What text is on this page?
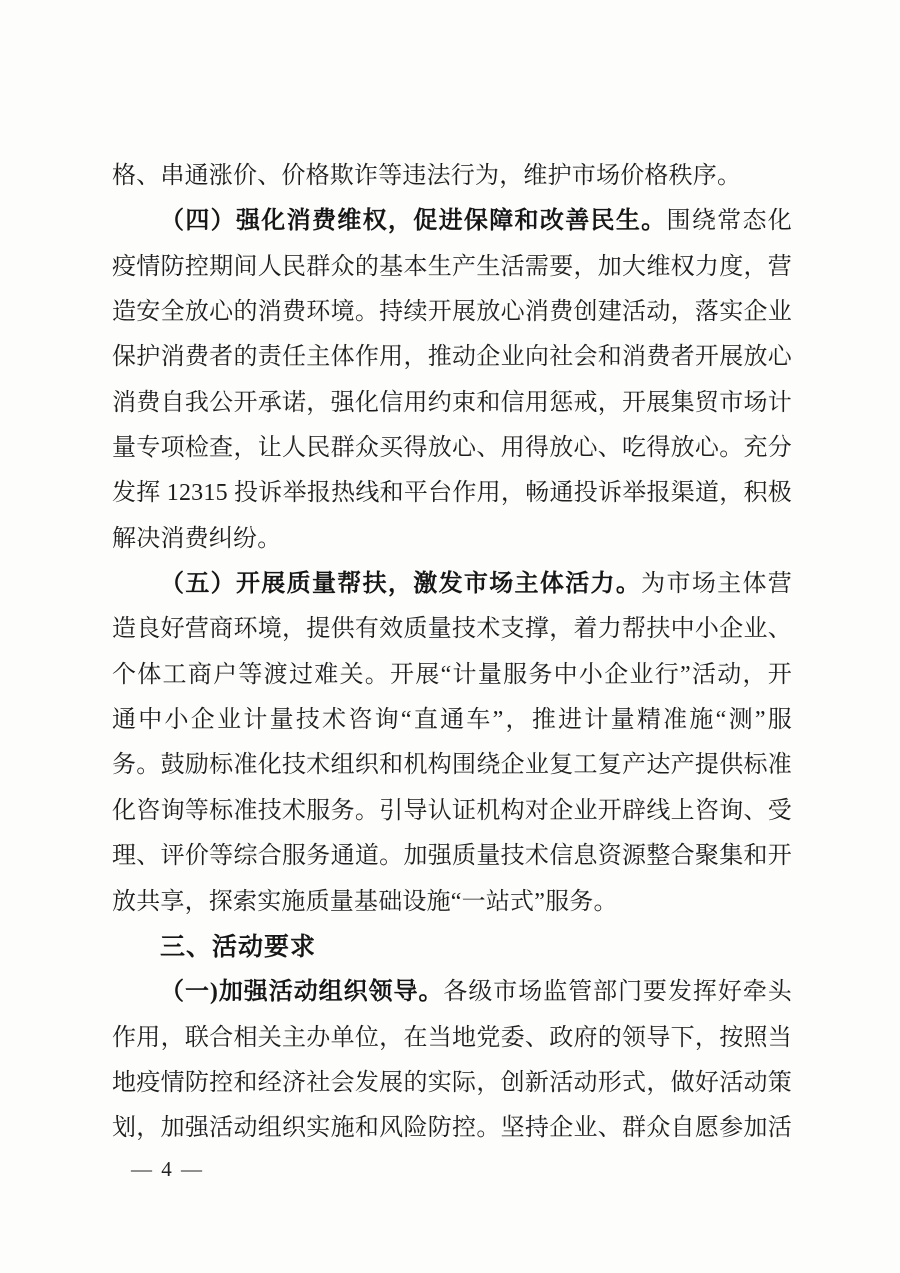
格、串通涨价、价格欺诈等违法行为，维护市场价格秩序。
（四）强化消费维权，促进保障和改善民生。围绕常态化
疫情防控期间人民群众的基本生产生活需要，加大维权力度，营
造安全放心的消费环境。持续开展放心消费创建活动，落实企业
保护消费者的责任主体作用，推动企业向社会和消费者开展放心
消费自我公开承诺，强化信用约束和信用惩戒，开展集贸市场计
量专项检查，让人民群众买得放心、用得放心、吃得放心。充分
发挥 12315 投诉举报热线和平台作用，畅通投诉举报渠道，积极
解决消费纠纷。
（五）开展质量帮扶，激发市场主体活力。为市场主体营
造良好营商环境，提供有效质量技术支撑，着力帮扶中小企业、
个体工商户等渡过难关。开展“计量服务中小企业行”活动，开
通中小企业计量技术咨询“直通车”，推进计量精准施“测”服
务。鼓励标准化技术组织和机构围绕企业复工复产达产提供标准
化咨询等标准技术服务。引导认证机构对企业开辟线上咨询、受
理、评价等综合服务通道。加强质量技术信息资源整合聚集和开
放共享，探索实施质量基础设施“一站式”服务。
三、活动要求
（一)加强活动组织领导。各级市场监管部门要发挥好牵头
作用，联合相关主办单位，在当地党委、政府的领导下，按照当
地疫情防控和经济社会发展的实际，创新活动形式，做好活动策
划，加强活动组织实施和风险防控。坚持企业、群众自愿参加活
— 4 —
